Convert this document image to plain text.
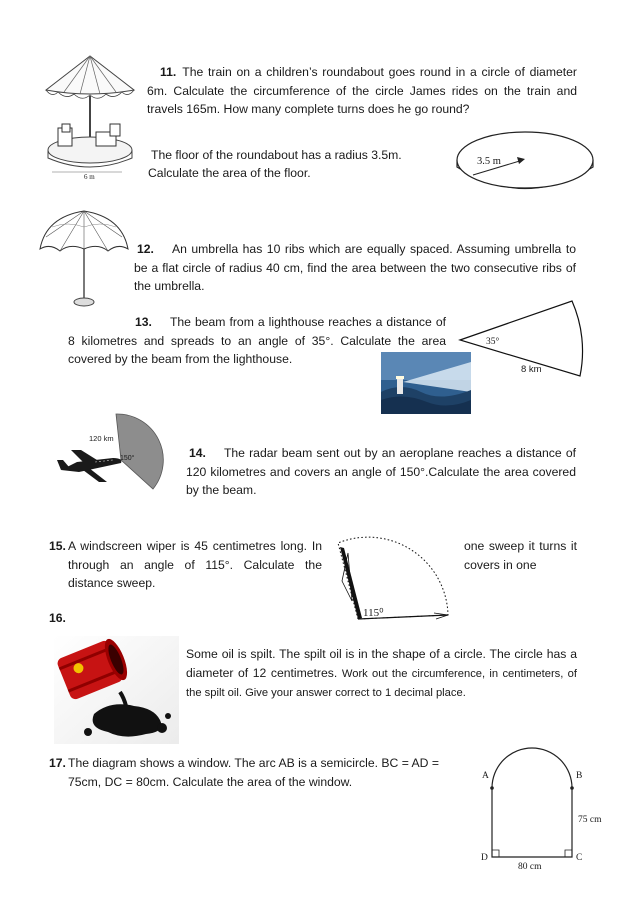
6 m

11. The train on a children’s roundabout goes round in a circle of diameter 6m. Calculate the circumference of the circle James rides on the train and travels 165m. How many complete turns does he go round?

The floor of the roundabout has a radius 3.5m.

Calculate the area of the floor.

3.5 m

12. An umbrella has 10 ribs which are equally spaced. Assuming umbrella to be a flat circle of radius 40 cm, find the area between the two consecutive ribs of the umbrella.

13. The beam from a lighthouse reaches a distance of 8 kilometres and spreads to an angle of 35°. Calculate the area covered by the beam from the lighthouse.

35°
8 km
120 km
150°	14. The radar beam sent out by an aeroplane reaches a distance of 120 kilometres and covers an angle of 150°.Calculate the area covered by the beam.

15. A windscreen wiper is 45 centimetres long. In through an angle of 115°. Calculate the distance sweep.

one sweep it turns it covers in one

115⁰
16.

Some oil is spilt. The spilt oil is in the shape of a circle. The circle has a diameter of 12 centimetres. Work out the circumference, in centimeters, of the spilt oil. Give your answer correct to 1 decimal place.

17. The diagram shows a window. The arc AB is a semicircle. BC = AD = 75cm, DC = 80cm. Calculate the area of the window.	A	B
D	C
75 cm
80 cm
